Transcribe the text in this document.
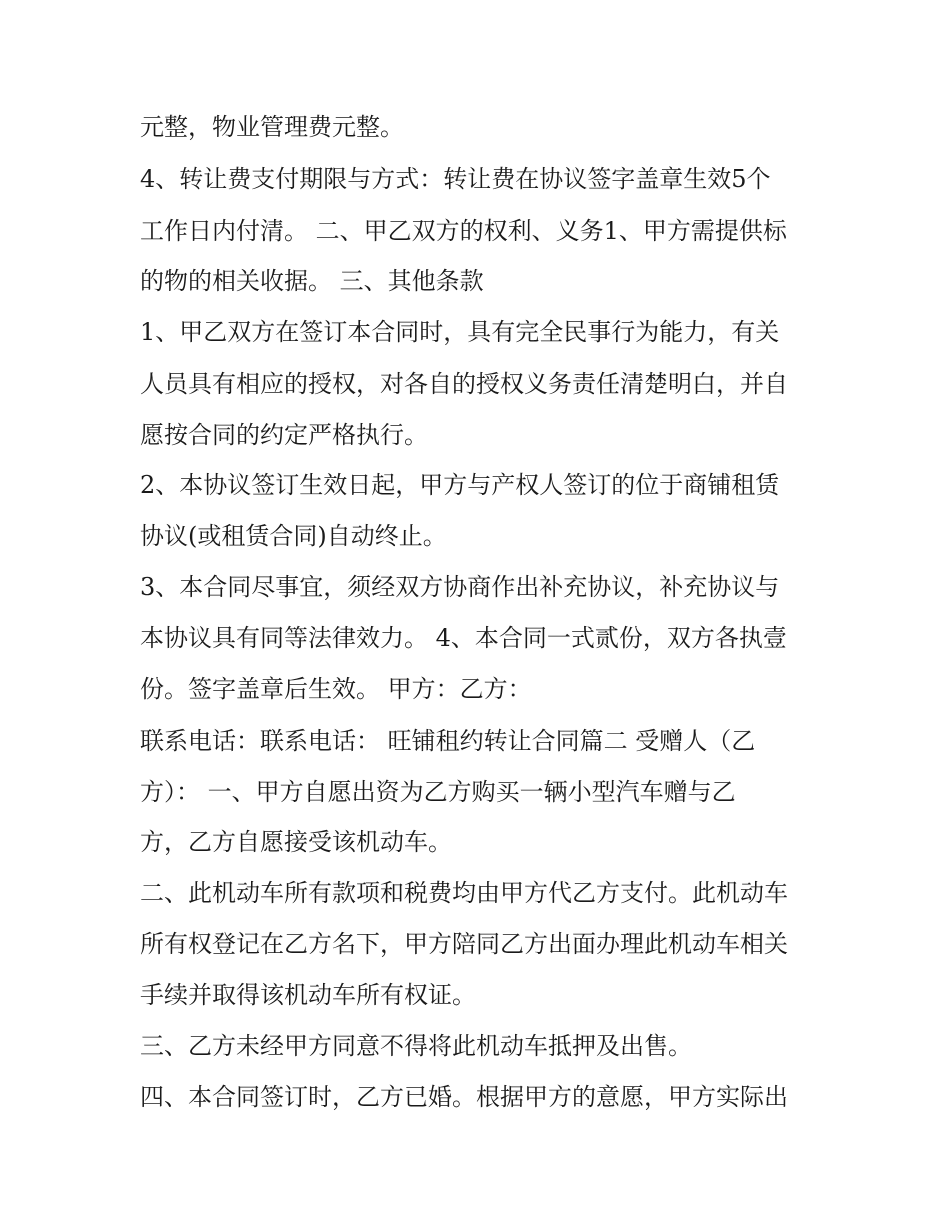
元整，物业管理费元整。

4、转让费支付期限与方式：转让费在协议签字盖章生效5个

工作日内付清。 二、甲乙双方的权利、义务1、甲方需提供标

的物的相关收据。 三、其他条款

1、甲乙双方在签订本合同时，具有完全民事行为能力，有关

人员具有相应的授权，对各自的授权义务责任清楚明白，并自

愿按合同的约定严格执行。

2、本协议签订生效日起，甲方与产权人签订的位于商铺租赁

协议(或租赁合同)自动终止。

3、本合同尽事宜，须经双方协商作出补充协议，补充协议与

本协议具有同等法律效力。 4、本合同一式贰份，双方各执壹

份。签字盖章后生效。 甲方：乙方：

联系电话：联系电话： 旺铺租约转让合同篇二 受赠人（乙

方）： 一、甲方自愿出资为乙方购买一辆小型汽车赠与乙

方，乙方自愿接受该机动车。

二、此机动车所有款项和税费均由甲方代乙方支付。此机动车

所有权登记在乙方名下，甲方陪同乙方出面办理此机动车相关

手续并取得该机动车所有权证。

三、乙方未经甲方同意不得将此机动车抵押及出售。

四、本合同签订时，乙方已婚。根据甲方的意愿，甲方实际出
